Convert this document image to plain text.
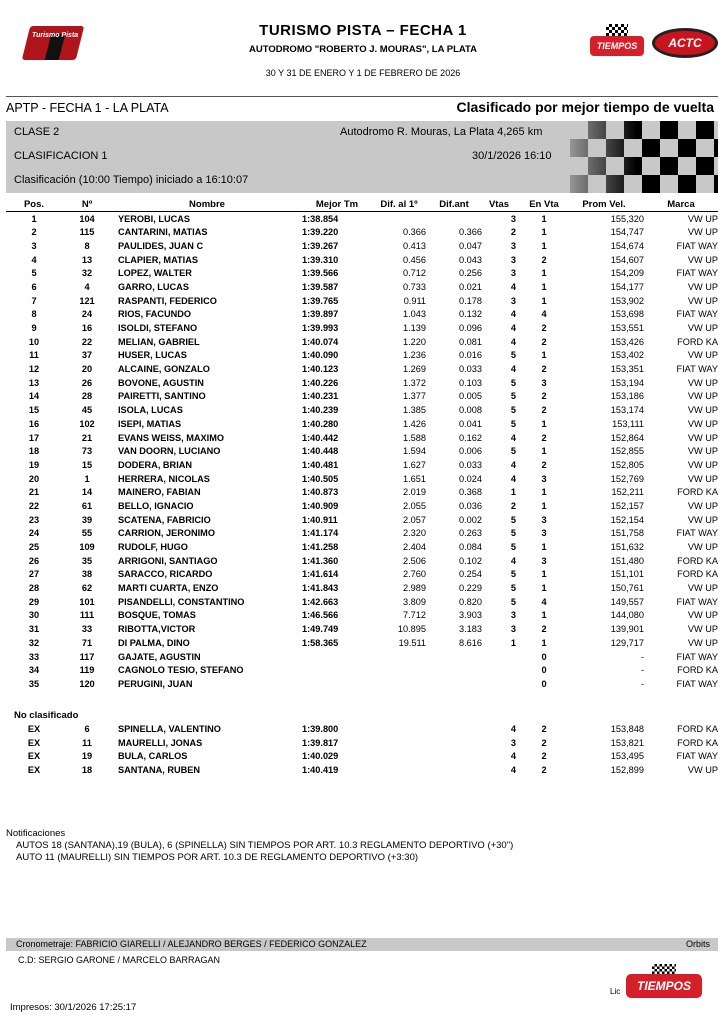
Turismo Pista	TURISMO PISTA – FECHA 1
AUTODROMO "ROBERTO J. MOURAS", LA PLATA
30 Y 31 DE ENERO Y 1 DE FEBRERO DE 2026
TIEMPOS	ACTC
APTP - FECHA 1 - LA PLATA	Clasificado por mejor tiempo de vuelta
CLASE 2
CLASIFICACION 1
Clasificación (10:00 Tiempo) iniciado a 16:10:07
Autodromo R. Mouras, La Plata 4,265 km
30/1/2026 16:10
Pos.	Nº	Nombre	Mejor Tm	Dif. al 1º	Dif.ant	Vtas	En Vta	Prom Vel.	Marca
1	104	YEROBI, LUCAS	1:38.854			3	1	155,320	VW UP
2	115	CANTARINI, MATIAS	1:39.220	0.366	0.366	2	1	154,747	VW UP
3	8	PAULIDES, JUAN C	1:39.267	0.413	0.047	3	1	154,674	FIAT WAY
4	13	CLAPIER, MATIAS	1:39.310	0.456	0.043	3	2	154,607	VW UP
5	32	LOPEZ, WALTER	1:39.566	0.712	0.256	3	1	154,209	FIAT WAY
6	4	GARRO, LUCAS	1:39.587	0.733	0.021	4	1	154,177	VW UP
7	121	RASPANTI, FEDERICO	1:39.765	0.911	0.178	3	1	153,902	VW UP
8	24	RIOS, FACUNDO	1:39.897	1.043	0.132	4	4	153,698	FIAT WAY
9	16	ISOLDI, STEFANO	1:39.993	1.139	0.096	4	2	153,551	VW UP
10	22	MELIAN, GABRIEL	1:40.074	1.220	0.081	4	2	153,426	FORD KA
11	37	HUSER, LUCAS	1:40.090	1.236	0.016	5	1	153,402	VW UP
12	20	ALCAINE, GONZALO	1:40.123	1.269	0.033	4	2	153,351	FIAT WAY
13	26	BOVONE, AGUSTIN	1:40.226	1.372	0.103	5	3	153,194	VW UP
14	28	PAIRETTI, SANTINO	1:40.231	1.377	0.005	5	2	153,186	VW UP
15	45	ISOLA, LUCAS	1:40.239	1.385	0.008	5	2	153,174	VW UP
16	102	ISEPI, MATIAS	1:40.280	1.426	0.041	5	1	153,111	VW UP
17	21	EVANS WEISS, MAXIMO	1:40.442	1.588	0.162	4	2	152,864	VW UP
18	73	VAN DOORN, LUCIANO	1:40.448	1.594	0.006	5	1	152,855	VW UP
19	15	DODERA, BRIAN	1:40.481	1.627	0.033	4	2	152,805	VW UP
20	1	HERRERA, NICOLAS	1:40.505	1.651	0.024	4	3	152,769	VW UP
21	14	MAINERO, FABIAN	1:40.873	2.019	0.368	1	1	152,211	FORD KA
22	61	BELLO, IGNACIO	1:40.909	2.055	0.036	2	1	152,157	VW UP
23	39	SCATENA, FABRICIO	1:40.911	2.057	0.002	5	3	152,154	VW UP
24	55	CARRION, JERONIMO	1:41.174	2.320	0.263	5	3	151,758	FIAT WAY
25	109	RUDOLF, HUGO	1:41.258	2.404	0.084	5	1	151,632	VW UP
26	35	ARRIGONI, SANTIAGO	1:41.360	2.506	0.102	4	3	151,480	FORD KA
27	38	SARACCO, RICARDO	1:41.614	2.760	0.254	5	1	151,101	FORD KA
28	62	MARTI CUARTA, ENZO	1:41.843	2.989	0.229	5	1	150,761	VW UP
29	101	PISANDELLI, CONSTANTINO	1:42.663	3.809	0.820	5	4	149,557	FIAT WAY
30	111	BOSQUE, TOMAS	1:46.566	7.712	3.903	3	1	144,080	VW UP
31	33	RIBOTTA,VICTOR	1:49.749	10.895	3.183	3	2	139,901	VW UP
32	71	DI PALMA, DINO	1:58.365	19.511	8.616	1	1	129,717	VW UP
33	117	GAJATE, AGUSTIN					0	-	FIAT WAY
34	119	CAGNOLO TESIO, STEFANO					0	-	FORD KA
35	120	PERUGINI, JUAN					0	-	FIAT WAY
No clasificado
EX	6	SPINELLA, VALENTINO	1:39.800			4	2	153,848	FORD KA
EX	11	MAURELLI, JONAS	1:39.817			3	2	153,821	FORD KA
EX	19	BULA, CARLOS	1:40.029			4	2	153,495	FIAT WAY
EX	18	SANTANA, RUBEN	1:40.419			4	2	152,899	VW UP
Notificaciones
AUTOS 18 (SANTANA),19 (BULA), 6 (SPINELLA) SIN TIEMPOS POR ART. 10.3 REGLAMENTO DEPORTIVO (+30")
AUTO 11 (MAURELLI) SIN TIEMPOS POR ART. 10.3 DE REGLAMENTO DEPORTIVO (+3:30)
Cronometraje: FABRICIO GIARELLI / ALEJANDRO BERGES / FEDERICO GONZALEZ	Orbits
C.D: SERGIO GARONE / MARCELO BARRAGAN
Impresos: 30/1/2026 17:25:17
Lic	TIEMPOS
